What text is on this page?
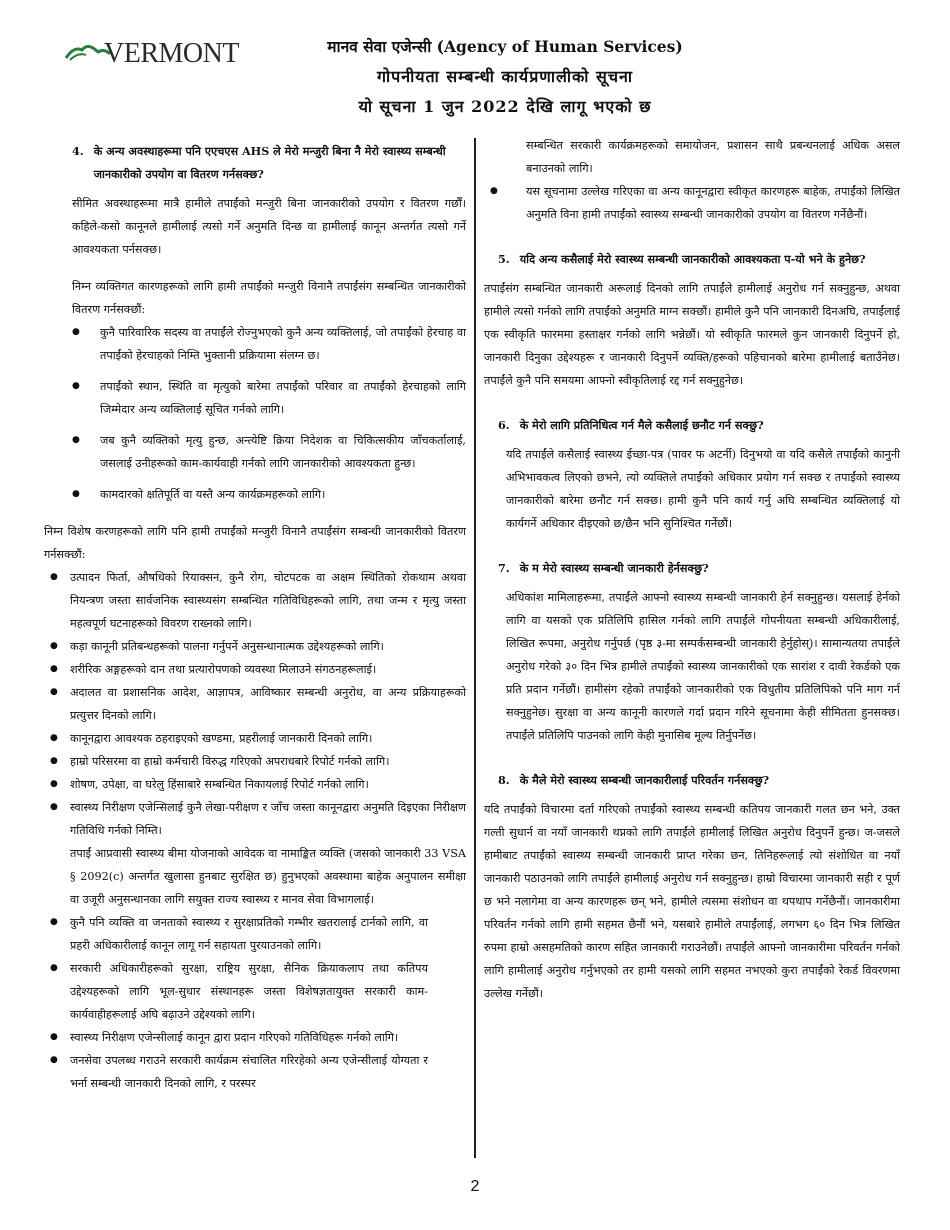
VERMONT	मानव सेवा एजेन्सी (Agency of Human Services)
गोपनीयता सम्बन्धी कार्यप्रणालीको सूचना
यो सूचना 1 जुन 2022 देखि लागू भएको छ
4. के अन्य अवस्थाहरूमा पनि एएचएस AHS ले मेरो मन्जुरी बिना नै मेरो स्वास्थ्य सम्बन्धी जानकारीको उपयोग वा वितरण गर्नसक्छ?
सीमित अवस्थाहरूमा मात्रै हामीले तपाईंको मन्जुरी बिना जानकारीको उपयोग र वितरण गर्छौं। कहिले-कसो कानूनले हामीलाई त्यसो गर्ने अनुमति दिन्छ वा हामीलाई कानून अन्तर्गत त्यसो गर्ने आवश्यकता पर्नसक्छ।
निम्न व्यक्तिगत कारणहरूको लागि हामी तपाईंको मन्जुरी विनानै तपाईंसंग सम्बन्धित जानकारीको वितरण गर्नसक्छौं:
● कुनै पारिवारिक सदस्य वा तपाईंले रोज्नुभएको कुनै अन्य व्यक्तिलाई, जो तपाईंको हेरचाह वा तपाईंको हेरचाहको निम्ति भुक्तानी प्रक्रियामा संलग्न छ।
● तपाईंको स्थान, स्थिति वा मृत्युको बारेमा तपाईंको परिवार वा तपाईंको हेरचाहको लागि जिम्मेदार अन्य व्यक्तिलाई सूचित गर्नको लागि।
● जब कुनै व्यक्तिको मृत्यु हुन्छ, अन्त्येष्टि क्रिया निदेशक वा चिकित्सकीय जाँचकर्तालाई, जसलाई उनीहरूको काम-कार्यवाही गर्नको लागि जानकारीको आवश्यकता हुन्छ।
● कामदारको क्षतिपूर्ति वा यस्तै अन्य कार्यक्रमहरूको लागि।
निम्न विशेष करणहरूको लागि पनि हामी तपाईंको मन्जुरी विनानै तपाईंसंग सम्बन्धी जानकारीको वितरण गर्नसक्छौं:
● उत्पादन फिर्ता, औषधिको रियाक्सन, कुनै रोग, चोटपटक वा अक्षम स्थितिको रोकथाम अथवा नियन्त्रण जस्ता सार्वजनिक स्वास्थ्यसंग सम्बन्धित गतिविधिहरूको लागि, तथा जन्म र मृत्यु जस्ता महत्वपूर्ण घटनाहरूको विवरण राख्नको लागि।
● कड़ा कानूनी प्रतिबन्धहरूको पालना गर्नुपर्ने अनुसन्धानात्मक उद्देश्यहरूको लागि।
● शरीरिक अङ्गहरूको दान तथा प्रत्यारोपणको व्यवस्था मिलाउने संगठनहरूलाई।
● अदालत वा प्रशासनिक आदेश, आज्ञापत्र, आविष्कार सम्बन्धी अनुरोध, वा अन्य प्रक्रियाहरूको प्रत्युत्तर दिनको लागि।
● कानूनद्वारा आवश्यक ठहराइएको खण्डमा, प्रहरीलाई जानकारी दिनको लागि।
● हाम्रो परिसरमा वा हाम्रो कर्मचारी विरुद्ध गरिएको अपराधबारे रिपोर्ट गर्नको लागि।
● शोषण, उपेक्षा, वा घरेलु हिंसाबारे सम्बन्धित निकायलाई रिपोर्ट गर्नको लागि।
● स्वास्थ्य निरीक्षण एजेन्सिलाई कुनै लेखा-परीक्षण र जाँच जस्ता कानूनद्वारा अनुमति दिइएका निरीक्षण गतिविधि गर्नको निम्ति।
तपाईं आप्रवासी स्वास्थ्य बीमा योजनाको आवेदक वा नामाङ्कित व्यक्ति (जसको जानकारी 33 VSA § 2092(c) अन्तर्गत खुलासा हुनबाट सुरक्षित छ) हुनुभएको अवस्थामा बाहेक अनुपालन समीक्षा वा उजूरी अनुसन्धानका लागि सयुक्त राज्य स्वास्थ्य र मानव सेवा विभागलाई।
● कुनै पनि व्यक्ति वा जनताको स्वास्थ्य र सुरक्षाप्रतिको गम्भीर खतरालाई टार्नको लागि, वा प्रहरी अधिकारीलाई कानून लागू गर्न सहायता पुरयाउनको लागि।
● सरकारी अधिकारीहरूको सुरक्षा, राष्ट्रिय सुरक्षा, सैनिक क्रियाकलाप तथा कतिपय उद्देश्यहरूको लागि भूल-सुधार संस्थानहरू जस्ता विशेषज्ञतायुक्त सरकारी काम-कार्यवाहीहरूलाई अघि बढ़ाउने उद्देश्यको लागि।
● स्वास्थ्य निरीक्षण एजेन्सीलाई कानून द्वारा प्रदान गरिएको गतिविधिहरू गर्नको लागि।
● जनसेवा उपलब्ध गराउने सरकारी कार्यक्रम संचालित गरिरहेको अन्य एजेन्सीलाई योग्यता र भर्ना सम्बन्धी जानकारी दिनको लागि, र परस्पर
सम्बन्धित सरकारी कार्यक्रमहरूको समायोजन, प्रशासन साथै प्रबन्धनलाई अधिक असल बनाउनको लागि।
● यस सूचनामा उल्लेख गरिएका वा अन्य कानूनद्वारा स्वीकृत कारणहरू बाहेक, तपाईंको लिखित अनुमति विना हामी तपाईंको स्वास्थ्य सम्बन्धी जानकारीको उपयोग वा वितरण गर्नेछैनौं।
5. यदि अन्य कसैलाई मेरो स्वास्थ्य सम्बन्धी जानकारीको आवश्यकता प-यो भने के हुनेछ?
तपाईंसंग सम्बन्धित जानकारी अरूलाई दिनको लागि तपाईंले हामीलाई अनुरोध गर्न सक्नुहुन्छ, अथवा हामीले त्यसो गर्नको लागि तपाईंको अनुमति माग्न सक्छौं। हामीले कुनै पनि जानकारी दिनअघि, तपाईंलाई एक स्वीकृति फारममा हस्ताक्षर गर्नको लागि भन्नेछौं। यो स्वीकृति फारमले कुन जानकारी दिनुपर्ने हो, जानकारी दिनुका उद्देश्यहरू र जानकारी दिनुपर्ने व्यक्ति/हरूको पहिचानको बारेमा हामीलाई बताउँनेछ। तपाईंले कुनै पनि समयमा आफ्नो स्वीकृतिलाई रद्द गर्न सक्नुहुनेछ।
6. के मेरो लागि प्रतिनिधित्व गर्न मैले कसैलाई छनौट गर्न सक्छु?
यदि तपाईंले कसैलाई स्वास्थ्य ईच्छा-पत्र (पावर फ अटर्नी) दिनुभयो वा यदि कसैले तपाईंको कानुनी अभिभावकत्व लिएको छभने, त्यो व्यक्तिले तपाईंको अधिकार प्रयोग गर्न सक्छ र तपाईंको स्वास्थ्य जानकारीको बारेमा छनौट गर्न सक्छ। हामी कुनै पनि कार्य गर्नु अघि सम्बन्धित व्यक्तिलाई यो कार्यगर्ने अधिकार दीइएको छ/छैन भनि सुनिश्चित गर्नेछौं।
7. के म मेरो स्वास्थ्य सम्बन्धी जानकारी हेर्नसक्छु?
अधिकांश मामिलाहरूमा, तपाईंले आफ्नो स्वास्थ्य सम्बन्धी जानकारी हेर्न सक्नुहुन्छ। यसलाई हेर्नको लागि वा यसको एक प्रतिलिपि हासिल गर्नको लागि तपाईंले गोपनीयता सम्बन्धी अधिकारीलाई, लिखित रूपमा, अनुरोध गर्नुपर्छ (पृष्ठ ३-मा सम्पर्कसम्बन्धी जानकारी हेर्नुहोस्)। सामान्यतया तपाईंले अनुरोध गरेको ३० दिन भित्र हामीले तपाईंको स्वास्थ्य जानकारीको एक सारांश र दावी रेकर्डको एक प्रति प्रदान गर्नेछौं। हामीसंग रहेको तपाईंको जानकारीको एक विधुतीय प्रतिलिपिको पनि माग गर्न सक्नुहुनेछ। सुरक्षा वा अन्य कानूनी कारणले गर्दा प्रदान गरिने सूचनामा केही सीमितता हुनसक्छ। तपाईंले प्रतिलिपि पाउनको लागि केही मुनासिब मूल्य तिर्नुपर्नेछ।
8. के मैले मेरो स्वास्थ्य सम्बन्धी जानकारीलाई परिवर्तन गर्नसक्छु?
यदि तपाईंको विचारमा दर्ता गरिएको तपाईंको स्वास्थ्य सम्बन्धी कतिपय जानकारी गलत छन भने, उक्त गल्ती सुधार्न वा नयाँ जानकारी थप्नको लागि तपाईंले हामीलाई लिखित अनुरोध दिनुपर्ने हुन्छ। ज-जसले हामीबाट तपाईंको स्वास्थ्य सम्बन्धी जानकारी प्राप्त गरेका छन, तिनिहरूलाई त्यो संशोधित वा नयाँ जानकारी पठाउनको लागि तपाईंले हामीलाई अनुरोध गर्न सक्नुहुन्छ। हाम्रो विचारमा जानकारी सही र पूर्ण छ भने नलागेमा वा अन्य कारणहरू छन् भने, हामीले त्यसमा संशोधन वा थपथाप गर्नेछैनौं। जानकारीमा परिवर्तन गर्नको लागि हामी सहमत छैनौं भने, यसबारे हामीले तपाईंलाई, लगभग ६० दिन भित्र लिखित रुपमा हाम्रो असहमतिको कारण सहित जानकारी गराउनेछौं। तपाईंले आफ्नो जानकारीमा परिवर्तन गर्नको लागि हामीलाई अनुरोध गर्नुभएको तर हामी यसको लागि सहमत नभएको कुरा तपाईंको रेकर्ड विवरणमा उल्लेख गर्नेछौं।
2
